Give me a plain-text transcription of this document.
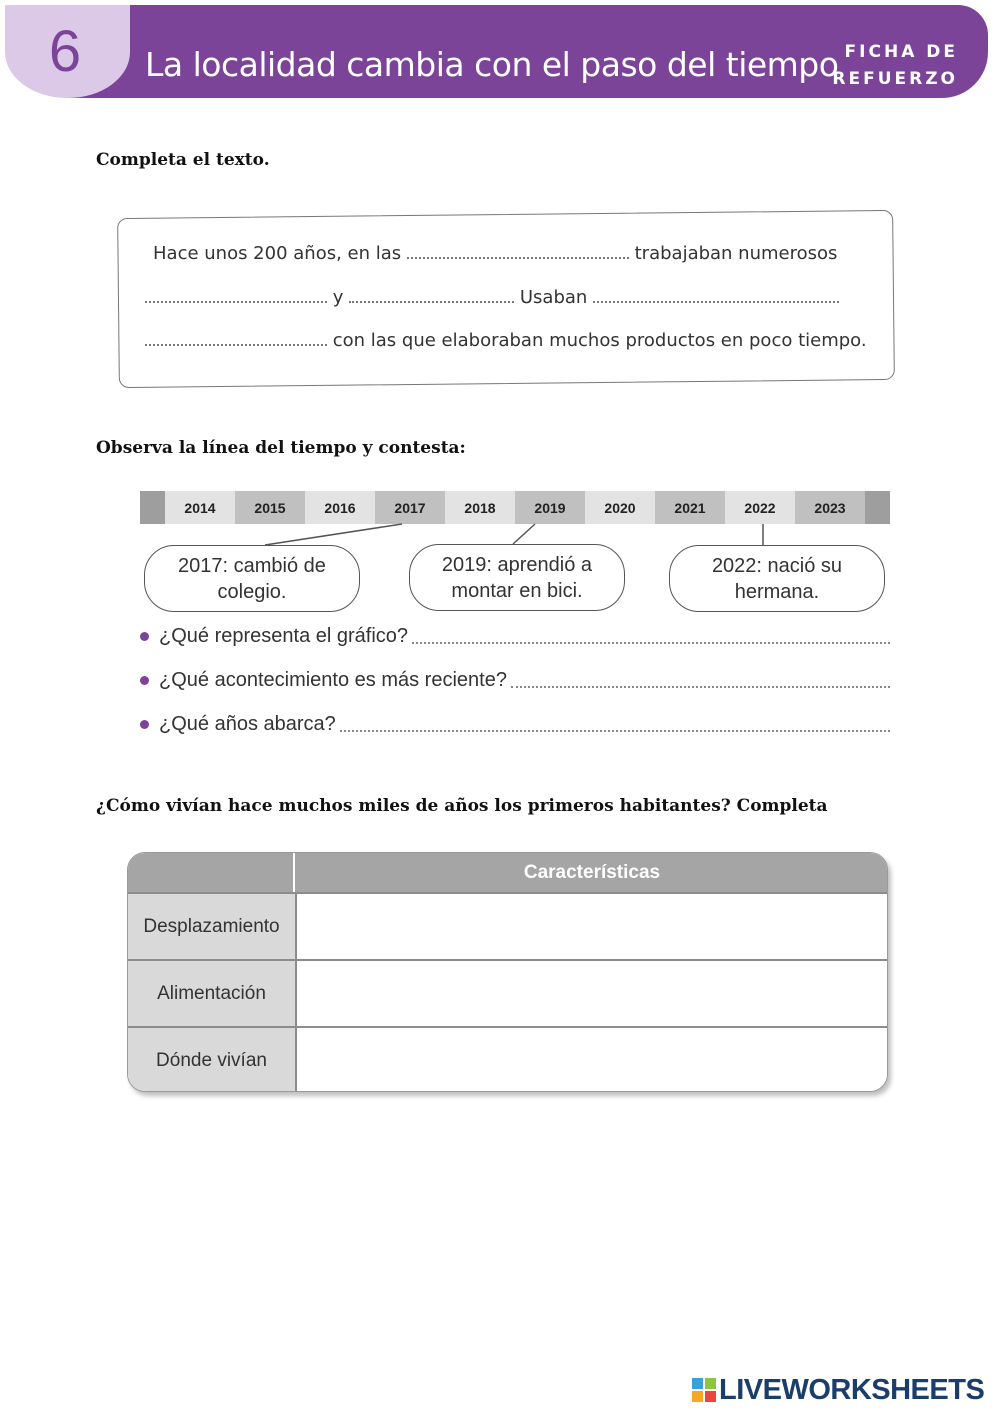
6	La localidad cambia con el paso del tiempo FICHA DE
REFUERZO
Completa el texto.
Hace unos 200 años, en las	trabajaban numerosos
y	Usaban
con las que elaboraban muchos productos en poco tiempo.
Observa la línea del tiempo y contesta:
2014	2015	2016	2017	2018	2019	2020	2021	2022	2023
2017: cambió de
colegio.
2019: aprendió a
montar en bici.
2022: nació su
hermana.
¿Qué representa el gráfico?
¿Qué acontecimiento es más reciente?
¿Qué años abarca?
¿Cómo vivían hace muchos miles de años los primeros habitantes? Completa
Características
Desplazamiento
Alimentación
Dónde vivían
LIVEWORKSHEETS
